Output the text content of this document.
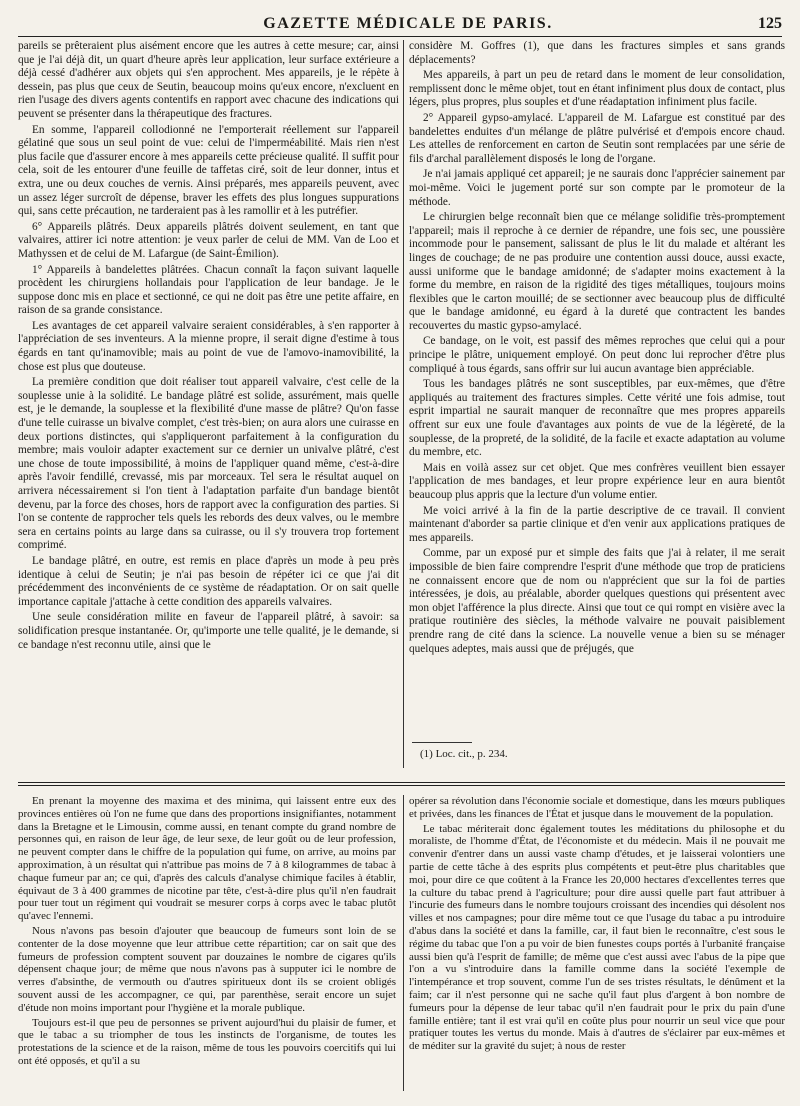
GAZETTE MÉDICALE DE PARIS.	125

pareils se prêteraient plus aisément encore que les autres à cette mesure; car, ainsi que je l'ai déjà dit, un quart d'heure après leur application, leur surface extérieure a déjà cessé d'adhérer aux objets qui s'en approchent. Mes appareils, je le répète à dessein, pas plus que ceux de Seutin, beaucoup moins qu'eux encore, n'excluent en rien l'usage des divers agents contentifs en rapport avec chacune des indications qui peuvent se présenter dans la thérapeutique des fractures.

En somme, l'appareil collodionné ne l'emporterait réellement sur l'appareil gélatiné que sous un seul point de vue: celui de l'imperméabilité. Mais rien n'est plus facile que d'assurer encore à mes appareils cette précieuse qualité. Il suffit pour cela, soit de les entourer d'une feuille de taffetas ciré, soit de leur donner, intus et extra, une ou deux couches de vernis. Ainsi préparés, mes appareils peuvent, avec un assez léger surcroît de dépense, braver les effets des plus longues suppurations qui, sans cette précaution, ne tarderaient pas à les ramollir et à les putréfier.

6° Appareils plâtrés. Deux appareils plâtrés doivent seulement, en tant que valvaires, attirer ici notre attention: je veux parler de celui de MM. Van de Loo et Mathyssen et de celui de M. Lafargue (de Saint-Émilion).

1° Appareils à bandelettes plâtrées. Chacun connaît la façon suivant laquelle procèdent les chirurgiens hollandais pour l'application de leur bandage. Je le suppose donc mis en place et sectionné, ce qui ne doit pas être une petite affaire, en raison de sa grande consistance.

Les avantages de cet appareil valvaire seraient considérables, à s'en rapporter à l'appréciation de ses inventeurs. A la mienne propre, il serait digne d'estime à tous égards en tant qu'inamovible; mais au point de vue de l'amovo-inamovibilité, la chose est plus que douteuse.

La première condition que doit réaliser tout appareil valvaire, c'est celle de la souplesse unie à la solidité. Le bandage plâtré est solide, assurément, mais quelle est, je le demande, la souplesse et la flexibilité d'une masse de plâtre? Qu'on fasse d'une telle cuirasse un bivalve complet, c'est très-bien; on aura alors une cuirasse en deux portions distinctes, qui s'appliqueront parfaitement à la configuration du membre; mais vouloir adapter exactement sur ce dernier un univalve plâtré, c'est une chose de toute impossibilité, à moins de l'appliquer quand même, c'est-à-dire après l'avoir fendillé, crevassé, mis par morceaux. Tel sera le résultat auquel on arrivera nécessairement si l'on tient à l'adaptation parfaite d'un bandage bientôt devenu, par la force des choses, hors de rapport avec la configuration des parties. Si l'on se contente de rapprocher tels quels les rebords des deux valves, ou le membre sera en certains points au large dans sa cuirasse, ou il s'y trouvera trop fortement comprimé.

Le bandage plâtré, en outre, est remis en place d'après un mode à peu près identique à celui de Seutin; je n'ai pas besoin de répéter ici ce que j'ai dit précédemment des inconvénients de ce système de réadaptation. Or on sait quelle importance capitale j'attache à cette condition des appareils valvaires.

Une seule considération milite en faveur de l'appareil plâtré, à savoir: sa solidification presque instantanée. Or, qu'importe une telle qualité, je le demande, si ce bandage n'est reconnu utile, ainsi que le

considère M. Goffres (1), que dans les fractures simples et sans grands déplacements?

Mes appareils, à part un peu de retard dans le moment de leur consolidation, remplissent donc le même objet, tout en étant infiniment plus doux de contact, plus légers, plus propres, plus souples et d'une réadaptation infiniment plus facile.

2° Appareil gypso-amylacé. L'appareil de M. Lafargue est constitué par des bandelettes enduites d'un mélange de plâtre pulvérisé et d'empois encore chaud. Les attelles de renforcement en carton de Seutin sont remplacées par une série de fils d'archal parallèlement disposés le long de l'organe.

Je n'ai jamais appliqué cet appareil; je ne saurais donc l'apprécier sainement par moi-même. Voici le jugement porté sur son compte par le promoteur de la méthode.

Le chirurgien belge reconnaît bien que ce mélange solidifie très-promptement l'appareil; mais il reproche à ce dernier de répandre, une fois sec, une poussière incommode pour le pansement, salissant de plus le lit du malade et altérant les linges de couchage; de ne pas produire une contention aussi douce, aussi exacte, aussi uniforme que le bandage amidonné; de s'adapter moins exactement à la forme du membre, en raison de la rigidité des tiges métalliques, toujours moins flexibles que le carton mouillé; de se sectionner avec beaucoup plus de difficulté que le bandage amidonné, eu égard à la dureté que contractent les bandes recouvertes du mastic gypso-amylacé.

Ce bandage, on le voit, est passif des mêmes reproches que celui qui a pour principe le plâtre, uniquement employé. On peut donc lui reprocher d'être plus compliqué à tous égards, sans offrir sur lui aucun avantage bien appréciable.

Tous les bandages plâtrés ne sont susceptibles, par eux-mêmes, que d'être appliqués au traitement des fractures simples. Cette vérité une fois admise, tout esprit impartial ne saurait manquer de reconnaître que mes propres appareils offrent sur eux une foule d'avantages aux points de vue de la légèreté, de la souplesse, de la propreté, de la solidité, de la facile et exacte adaptation au volume du membre, etc.

Mais en voilà assez sur cet objet. Que mes confrères veuillent bien essayer l'application de mes bandages, et leur propre expérience leur en aura bientôt beaucoup plus appris que la lecture d'un volume entier.

Me voici arrivé à la fin de la partie descriptive de ce travail. Il convient maintenant d'aborder sa partie clinique et d'en venir aux applications pratiques de mes appareils.

Comme, par un exposé pur et simple des faits que j'ai à relater, il me serait impossible de bien faire comprendre l'esprit d'une méthode que trop de praticiens ne connaissent encore que de nom ou n'apprécient que sur la foi de parties intéressées, je dois, au préalable, aborder quelques questions qui présentent avec mon objet l'afférence la plus directe. Ainsi que tout ce qui rompt en visière avec la pratique routinière des siècles, la méthode valvaire ne pouvait paisiblement prendre rang de cité dans la science. La nouvelle venue a bien su se ménager quelques adeptes, mais aussi que de préjugés, que

(1) Loc. cit., p. 234.

En prenant la moyenne des maxima et des minima, qui laissent entre eux des provinces entières où l'on ne fume que dans des proportions insignifiantes, notamment dans la Bretagne et le Limousin, comme aussi, en tenant compte du grand nombre de personnes qui, en raison de leur âge, de leur sexe, de leur goût ou de leur profession, ne peuvent compter dans le chiffre de la population qui fume, on arrive, au moins par approximation, à un résultat qui n'attribue pas moins de 7 à 8 kilogrammes de tabac à chaque fumeur par an; ce qui, d'après des calculs d'analyse chimique faciles à établir, équivaut de 3 à 400 grammes de nicotine par tête, c'est-à-dire plus qu'il n'en faudrait pour tuer tout un régiment qui voudrait se mesurer corps à corps avec le tabac plutôt qu'avec l'ennemi.

Nous n'avons pas besoin d'ajouter que beaucoup de fumeurs sont loin de se contenter de la dose moyenne que leur attribue cette répartition; car on sait que des fumeurs de profession comptent souvent par douzaines le nombre de cigares qu'ils dépensent chaque jour; de même que nous n'avons pas à supputer ici le nombre de verres d'absinthe, de vermouth ou d'autres spiritueux dont ils se croient obligés souvent aussi de les accompagner, ce qui, par parenthèse, serait encore un sujet d'étude non moins important pour l'hygiène et la morale publique.

Toujours est-il que peu de personnes se privent aujourd'hui du plaisir de fumer, et que le tabac a su triompher de tous les instincts de l'organisme, de toutes les protestations de la science et de la raison, même de tous les pouvoirs coercitifs qui lui ont été opposés, et qu'il a su

opérer sa révolution dans l'économie sociale et domestique, dans les mœurs publiques et privées, dans les finances de l'État et jusque dans le mouvement de la population.

Le tabac mériterait donc également toutes les méditations du philosophe et du moraliste, de l'homme d'État, de l'économiste et du médecin. Mais il ne pouvait me convenir d'entrer dans un aussi vaste champ d'études, et je laisserai volontiers une partie de cette tâche à des esprits plus compétents et peut-être plus charitables que moi, pour dire ce que coûtent à la France les 20,000 hectares d'excellentes terres que la culture du tabac prend à l'agriculture; pour dire aussi quelle part faut attribuer à l'incurie des fumeurs dans le nombre toujours croissant des incendies qui désolent nos villes et nos campagnes; pour dire même tout ce que l'usage du tabac a pu introduire d'abus dans la société et dans la famille, car, il faut bien le reconnaître, c'est sous le régime du tabac que l'on a pu voir de bien funestes coups portés à l'urbanité française aussi bien qu'à l'esprit de famille; de même que c'est aussi avec l'abus de la pipe que l'on a vu s'introduire dans la famille comme dans la société l'exemple de l'intempérance et trop souvent, comme l'un de ses tristes résultats, le dénûment et la faim; car il n'est personne qui ne sache qu'il faut plus d'argent à bon nombre de fumeurs pour la dépense de leur tabac qu'il n'en faudrait pour le prix du pain d'une famille entière; tant il est vrai qu'il en coûte plus pour nourrir un seul vice que pour pratiquer toutes les vertus du monde. Mais à d'autres de s'éclairer par eux-mêmes et de méditer sur la gravité du sujet; à nous de rester
